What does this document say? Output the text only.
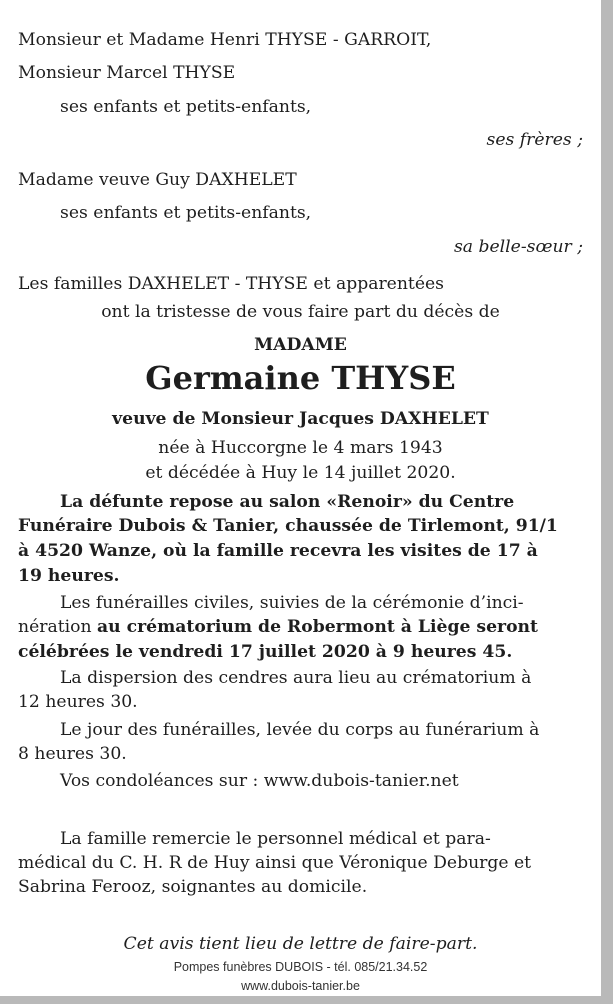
Monsieur et Madame Henri THYSE - GARROIT,
Monsieur Marcel THYSE
ses enfants et petits-enfants,
ses frères ;
Madame veuve Guy DAXHELET
ses enfants et petits-enfants,
sa belle-sœur ;
Les familles DAXHELET - THYSE et apparentées
ont la tristesse de vous faire part du décès de
MADAME
Germaine THYSE
veuve de Monsieur Jacques DAXHELET
née à Huccorgne le 4 mars 1943
et décédée à Huy le 14 juillet 2020.
La défunte repose au salon «Renoir» du Centre
Funéraire Dubois & Tanier, chaussée de Tirlemont, 91/1
à 4520 Wanze, où la famille recevra les visites de 17 à
19 heures.
Les funérailles civiles, suivies de la cérémonie d’inci-
nération au crématorium de Robermont à Liège seront
célébrées le vendredi 17 juillet 2020 à 9 heures 45.
La dispersion des cendres aura lieu au crématorium à
12 heures 30.
Le jour des funérailles, levée du corps au funérarium à
8 heures 30.
Vos condoléances sur : www.dubois-tanier.net
La famille remercie le personnel médical et para-
médical du C. H. R de Huy ainsi que Véronique Deburge et
Sabrina Ferooz, soignantes au domicile.
Cet avis tient lieu de lettre de faire-part.
Pompes funèbres DUBOIS - tél. 085/21.34.52
www.dubois-tanier.be
